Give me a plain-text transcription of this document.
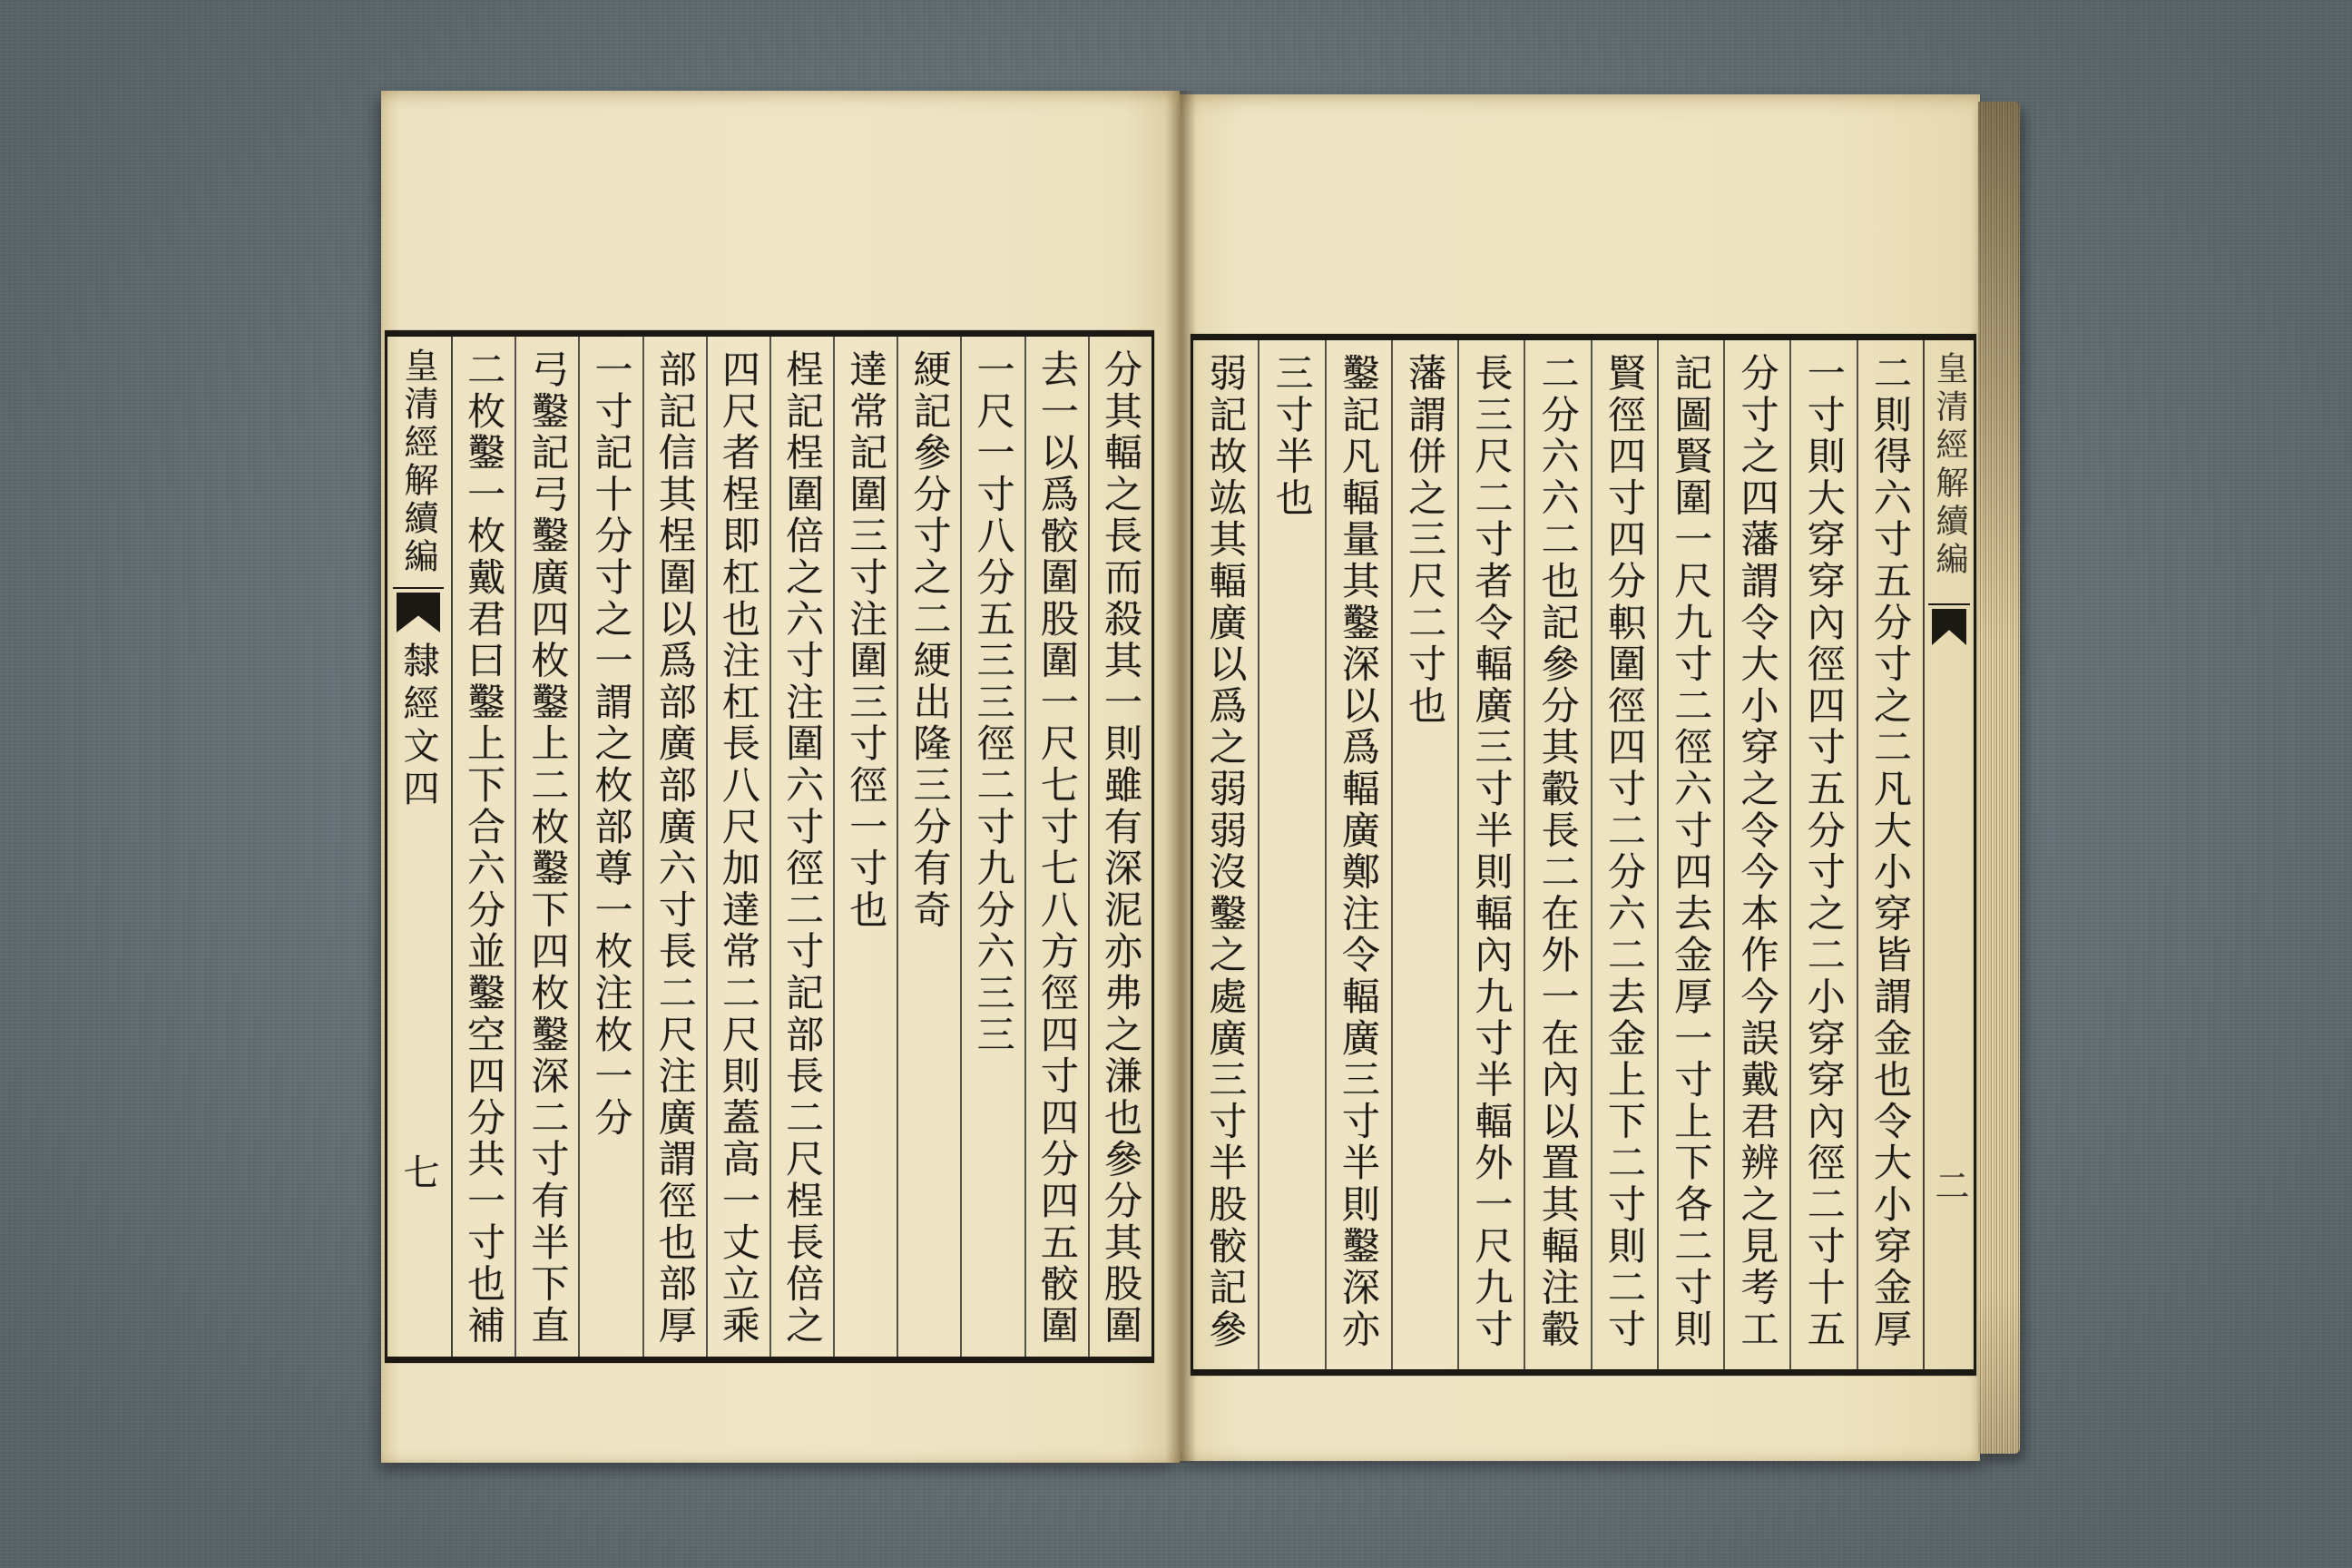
皇清經解續編
隸經文四
七	分其輻之長而殺其一則雖有深泥亦弗之溓也參分其股圍
去一以爲骹圍股圍一尺七寸七八方徑四寸四分四五骹圍
一尺一寸八分五三三徑二寸九分六三三
綆記參分寸之二綆出隆三分有奇
達常記圍三寸注圍三寸徑一寸也
桯記桯圍倍之六寸注圍六寸徑二寸記部長二尺桯長倍之
四尺者桯即杠也注杠長八尺加達常二尺則蓋高一丈立乘
部記信其桯圍以爲部廣部廣六寸長二尺注廣謂徑也部厚
一寸記十分寸之一謂之枚部尊一枚注枚一分
弓鑿記弓鑿廣四枚鑿上二枚鑿下四枚鑿深二寸有半下直
二枚鑿一枚戴君曰鑿上下合六分並鑿空四分共一寸也補	二則得六寸五分寸之二凡大小穿皆謂金也令大小穿金厚
一寸則大穿穿內徑四寸五分寸之二小穿穿內徑二寸十五
分寸之四藩謂令大小穿之令今本作今誤戴君辨之見考工
記圖賢圍一尺九寸二徑六寸四去金厚一寸上下各二寸則
賢徑四寸四分軹圍徑四寸二分六二去金上下二寸則二寸
二分六六二也記參分其轂長二在外一在內以置其輻注轂
長三尺二寸者令輻廣三寸半則輻內九寸半輻外一尺九寸
藩謂併之三尺二寸也
鑿記凡輻量其鑿深以爲輻廣鄭注令輻廣三寸半則鑿深亦
三寸半也
弱記故竑其輻廣以爲之弱弱沒鑿之處廣三寸半股骹記參	皇清經解續編
二
